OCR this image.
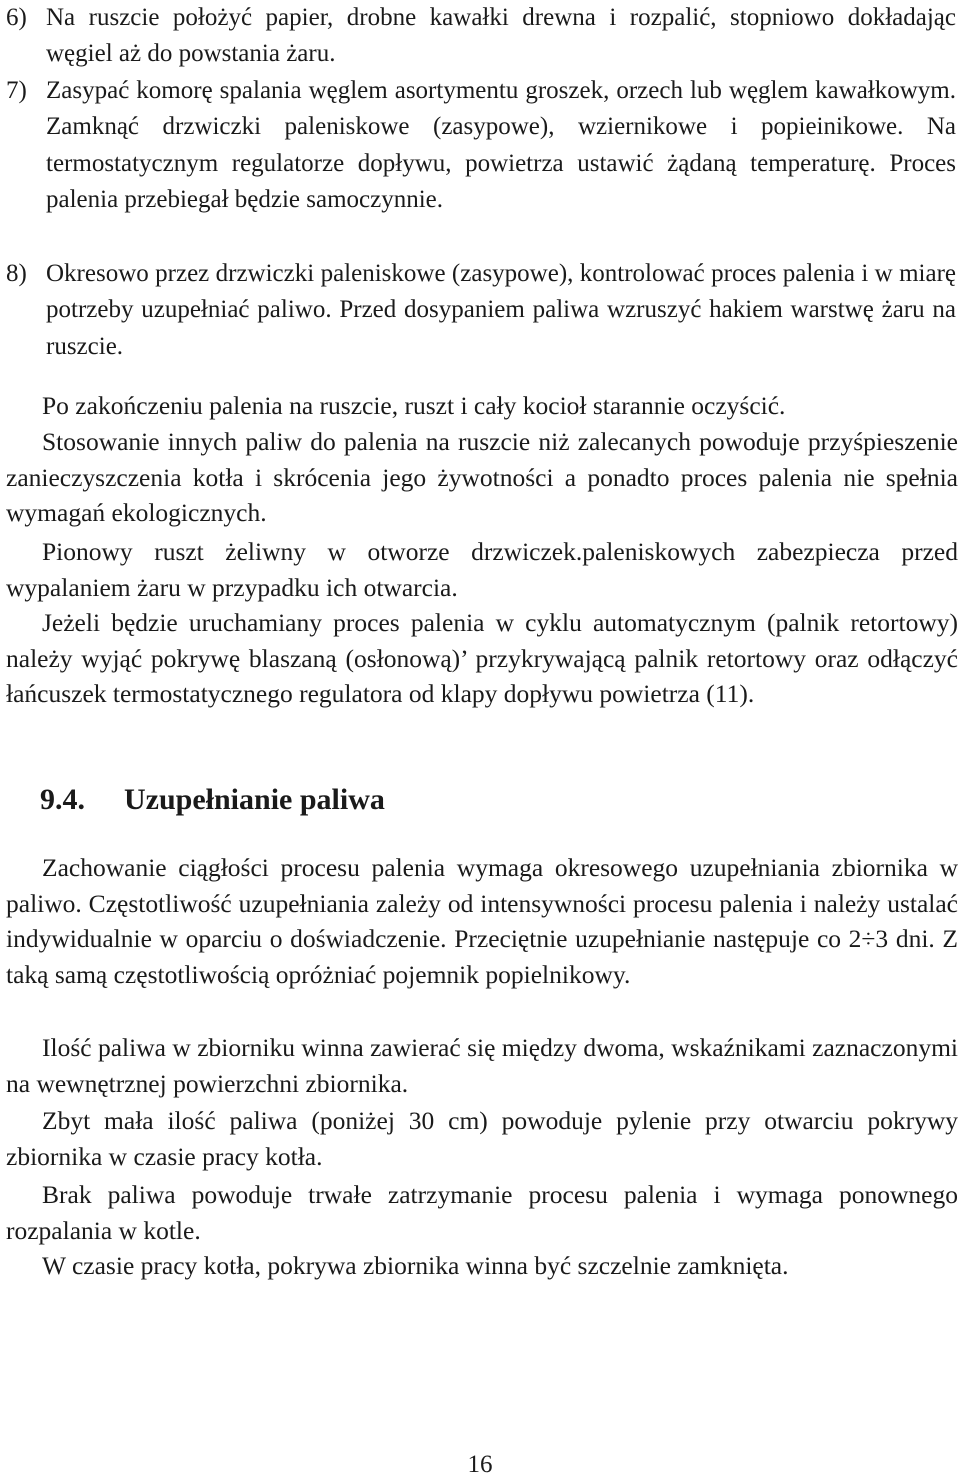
6) Na ruszcie położyć papier, drobne kawałki drewna i rozpalić, stopniowo dokładając węgiel aż do powstania żaru.
7) Zasypać komorę spalania węglem asortymentu groszek, orzech lub węglem kawałkowym. Zamknąć drzwiczki paleniskowe (zasypowe), wziernikowe i popieinikowe. Na termostatycznym regulatorze dopływu, powietrza ustawić żądaną temperaturę. Proces palenia przebiegał będzie samoczynnie.
8) Okresowo przez drzwiczki paleniskowe (zasypowe), kontrolować proces palenia i w miarę potrzeby uzupełniać paliwo. Przed dosypaniem paliwa wzruszyć hakiem warstwę żaru na ruszcie.
Po zakończeniu palenia na ruszcie, ruszt i cały kocioł starannie oczyścić.
Stosowanie innych paliw do palenia na ruszcie niż zalecanych powoduje przyśpieszenie zanieczyszczenia kotła i skrócenia jego żywotności a ponadto proces palenia nie spełnia wymagań ekologicznych.
Pionowy ruszt żeliwny w otworze drzwiczek.paleniskowych zabezpiecza przed wypalaniem żaru w przypadku ich otwarcia.
Jeżeli będzie uruchamiany proces palenia w cyklu automatycznym (palnik retortowy) należy wyjąć pokrywę blaszaną (osłonową)’ przykrywającą palnik retortowy oraz odłączyć łańcuszek termostatycznego regulatora od klapy dopływu powietrza (11).
9.4. Uzupełnianie paliwa
Zachowanie ciągłości procesu palenia wymaga okresowego uzupełniania zbiornika w paliwo. Częstotliwość uzupełniania zależy od intensywności procesu palenia i należy ustalać indywidualnie w oparciu o doświadczenie. Przeciętnie uzupełnianie następuje co 2÷3 dni. Z taką samą częstotliwością opróżniać pojemnik popielnikowy.
Ilość paliwa w zbiorniku winna zawierać się między dwoma, wskaźnikami zaznaczonymi na wewnętrznej powierzchni zbiornika.
Zbyt mała ilość paliwa (poniżej 30 cm) powoduje pylenie przy otwarciu pokrywy zbiornika w czasie pracy kotła.
Brak paliwa powoduje trwałe zatrzymanie procesu palenia i wymaga ponownego rozpalania w kotle.
W czasie pracy kotła, pokrywa zbiornika winna być szczelnie zamknięta.
16
